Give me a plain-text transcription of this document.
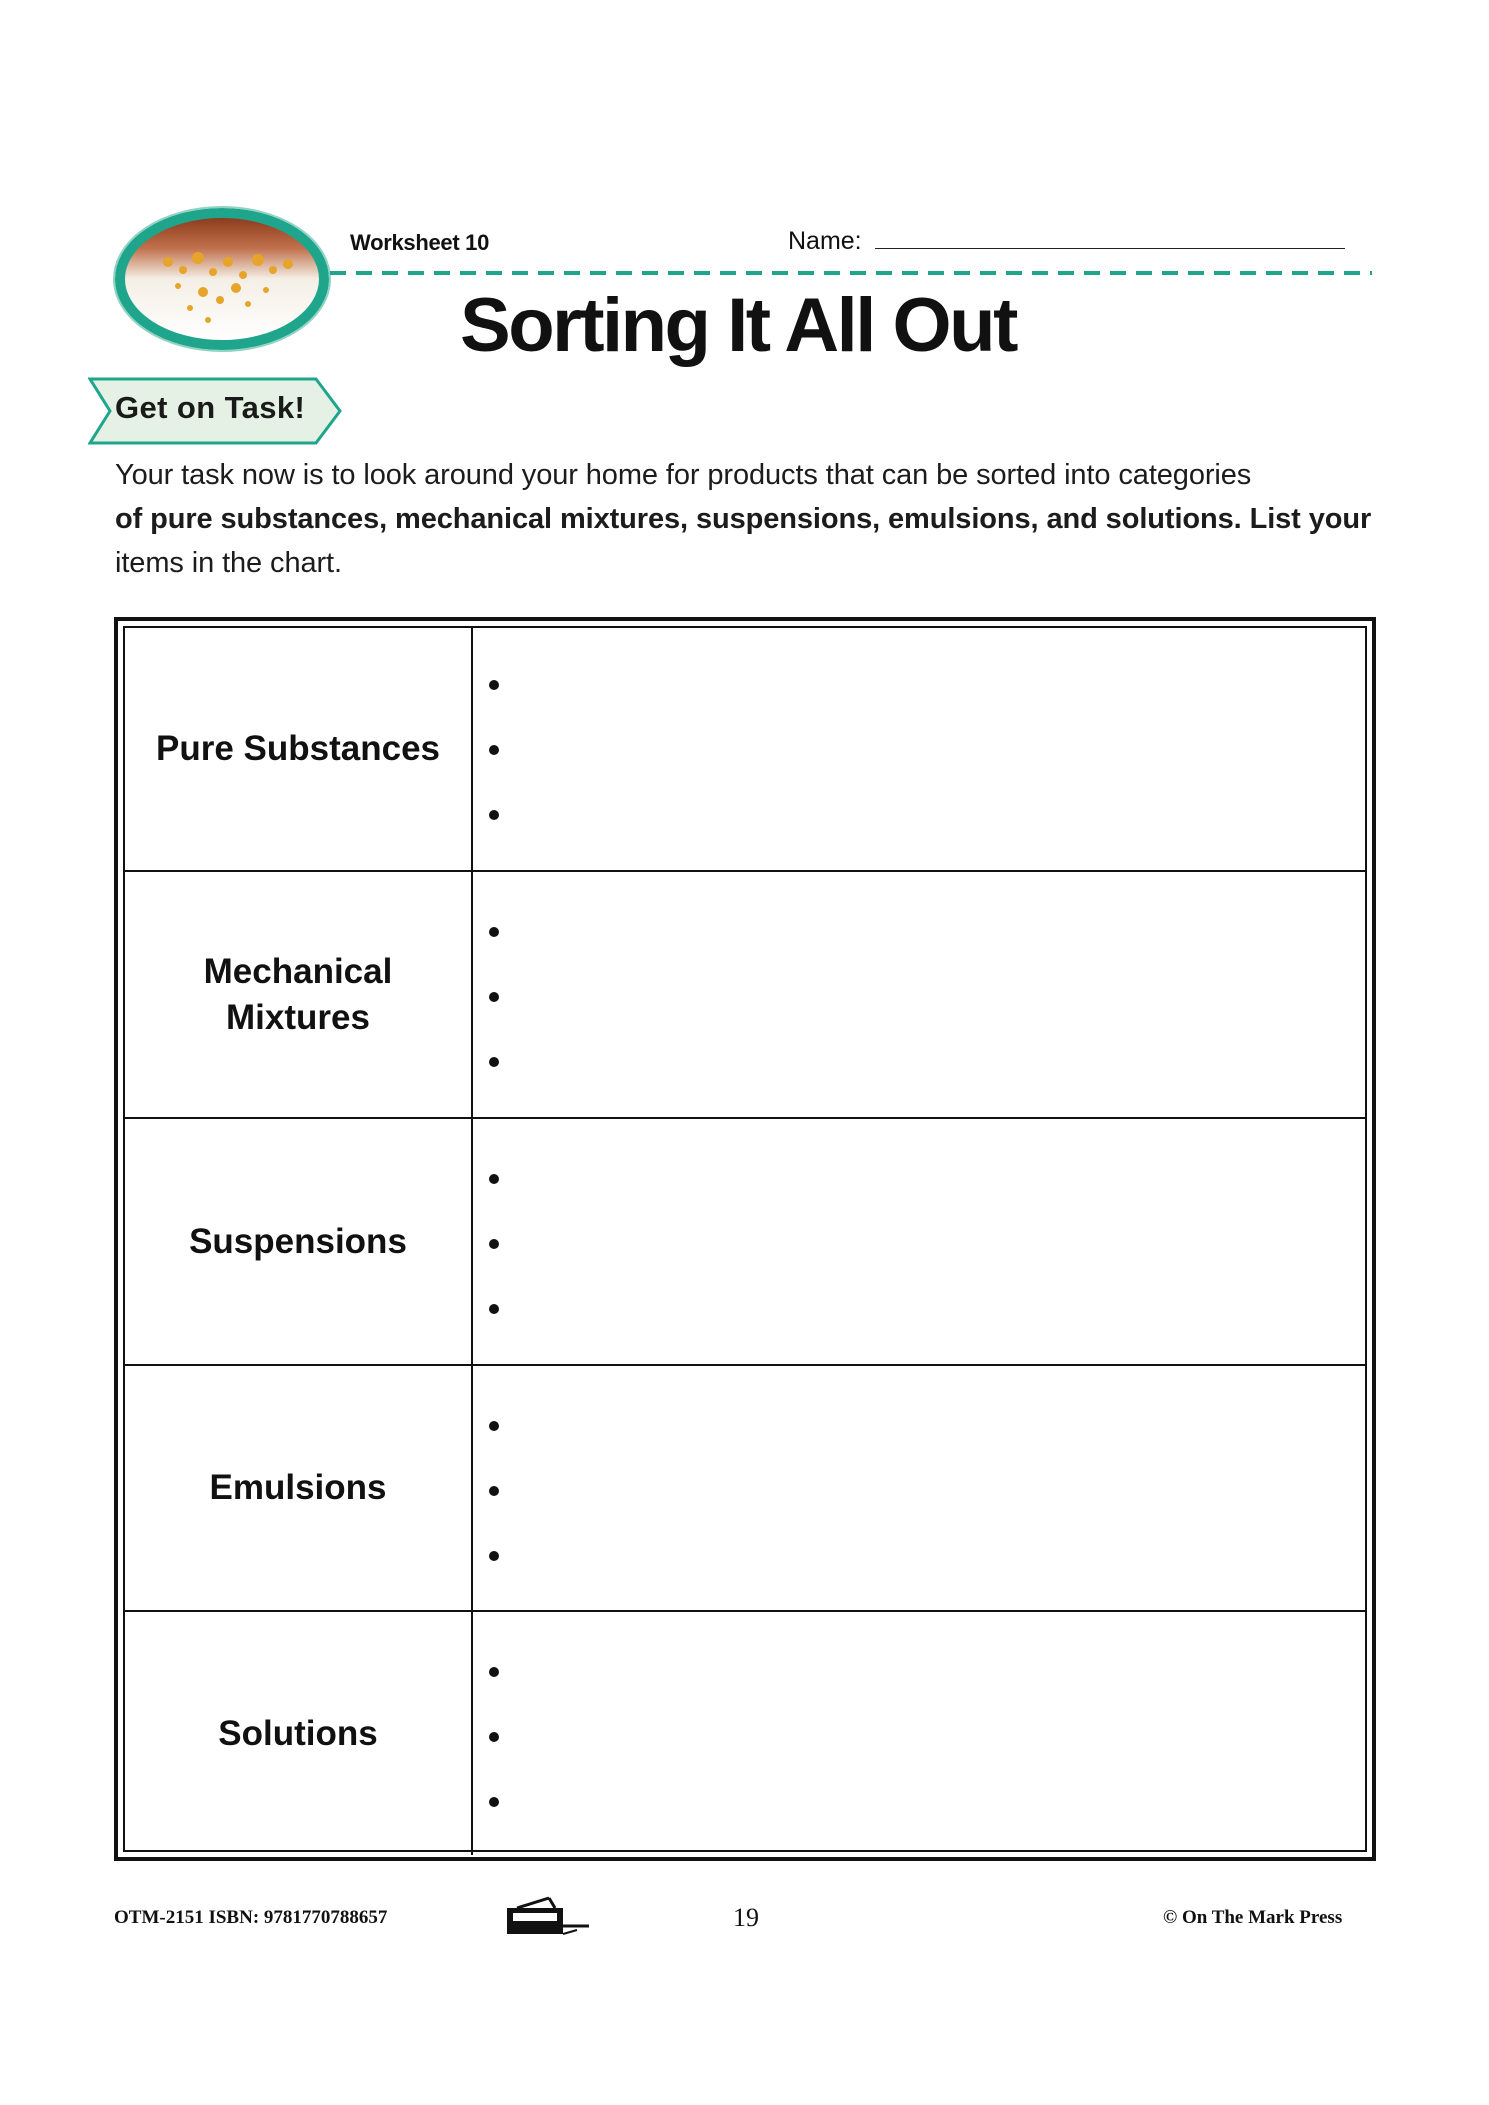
Worksheet 10	Name:
Sorting It All Out
Get on Task!
Your task now is to look around your home for products that can be sorted into categories
of pure substances, mechanical mixtures, suspensions, emulsions, and solutions. List your
items in the chart.
Pure Substances
Mechanical Mixtures
Suspensions
Emulsions
Solutions
OTM-2151 ISBN: 9781770788657	19	© On The Mark Press
